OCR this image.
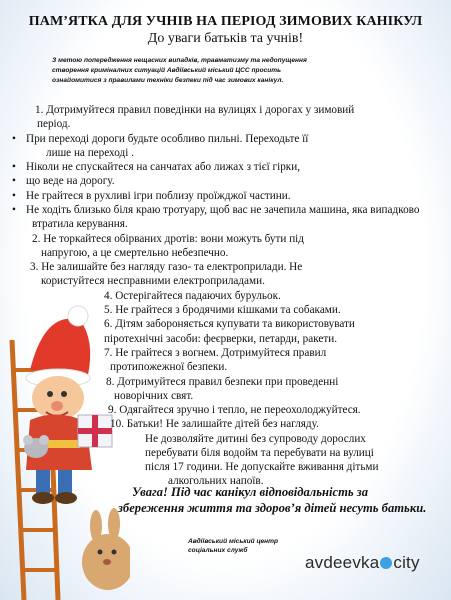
ПАМ’ЯТКА ДЛЯ УЧНІВ НА ПЕРІОД ЗИМОВИХ КАНІКУЛ
До уваги батьків та учнів!
З метою попередження нещасних випадків, травматизму та недопущення
створення криміналних ситуацій Авдіївський міський ЦСС просить
ознайомитися з правилами техніки безпеки під час зимових канікул.
1. Дотримуйтеся правил поведінки на вулицях і дорогах у зимовий
період.
• При переході дороги будьте особливо пильні. Переходьте її
лише на переході .
• Ніколи не спускайтеся на санчатах або лижах з тієї гірки,
• що веде на дорогу.
• Не грайтеся в рухливі ігри поблизу проїжджої частини.
• Не ходіть близько біля краю тротуару, щоб вас не зачепила машина, яка випадково
втратила керування.
2. Не торкайтеся обірваних дротів: вони можуть бути під
напругою, а це смертельно небезпечно.
3. Не залишайте без нагляду газо- та електроприлади. Не
користуйтеся несправними електроприладами.
4. Остерігайтеся падаючих бурульок.
5. Не грайтеся з бродячими кішками та собаками.
6. Дітям забороняється купувати та використовувати
піротехнічні засоби: феєрверки, петарди, ракети.
7. Не грайтеся з вогнем. Дотримуйтеся правил
протипожежної безпеки.
8. Дотримуйтеся правил безпеки при проведенні
новорічних свят.
9. Одягайтеся зручно і тепло, не переохолоджуйтеся.
10. Батьки! Не залишайте дітей без нагляду.
Не дозволяйте дитині без супроводу дорослих
перебувати біля водойм та перебувати на вулиці
після 17 години. Не допускайте вживання дітьми
алкогольних напоїв.
Увага! Під час канікул відповідальність за
збереження життя та здоров’я дітей несуть батьки.
Авдіївський міський центр
соціальних служб
avdeevka city
